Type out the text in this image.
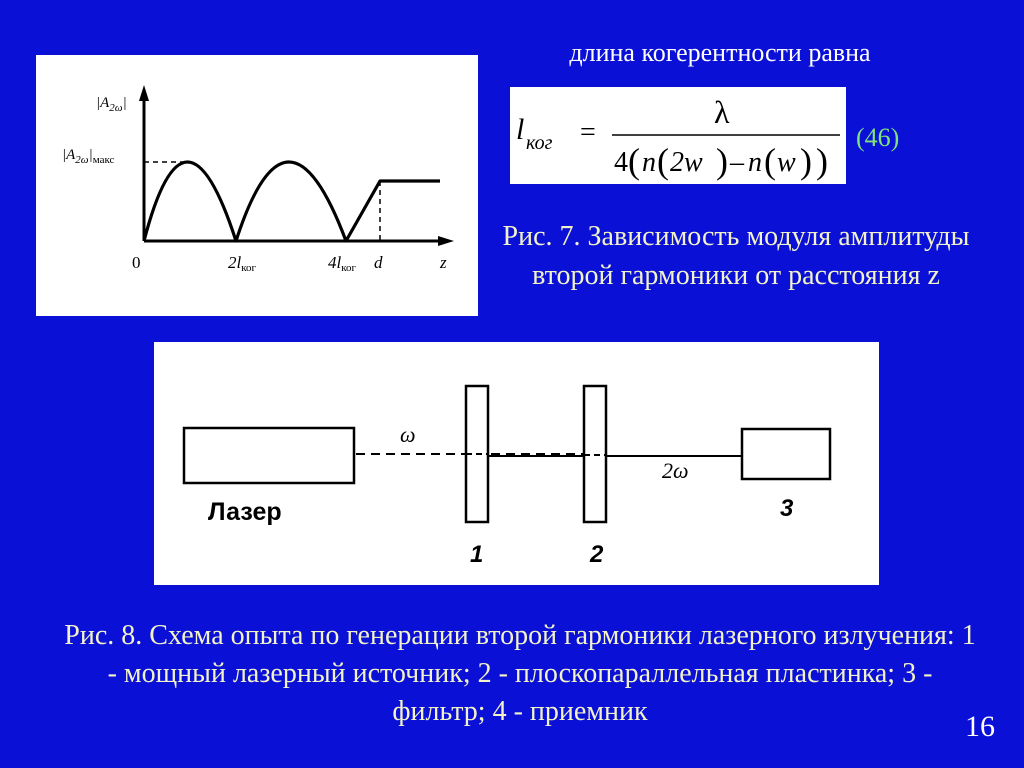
$|A_{2\omega}|$
$|A_{2\omega}|_{макс}$
0	2lког	4lког d	z
l ког =
λ
4 ( n ( 2w ) – n ( w ) )

длина когерентности равна

(46)

Рис. 7. Зависимость модуля амплитуды второй гармоники от расстояния z

ω
2ω
Лазер
1	2
3

Рис. 8. Схема опыта по генерации второй гармоники лазерного излучения: 1 - мощный лазерный источник; 2 - плоскопараллельная пластинка; 3 - фильтр; 4 - приемник	16
